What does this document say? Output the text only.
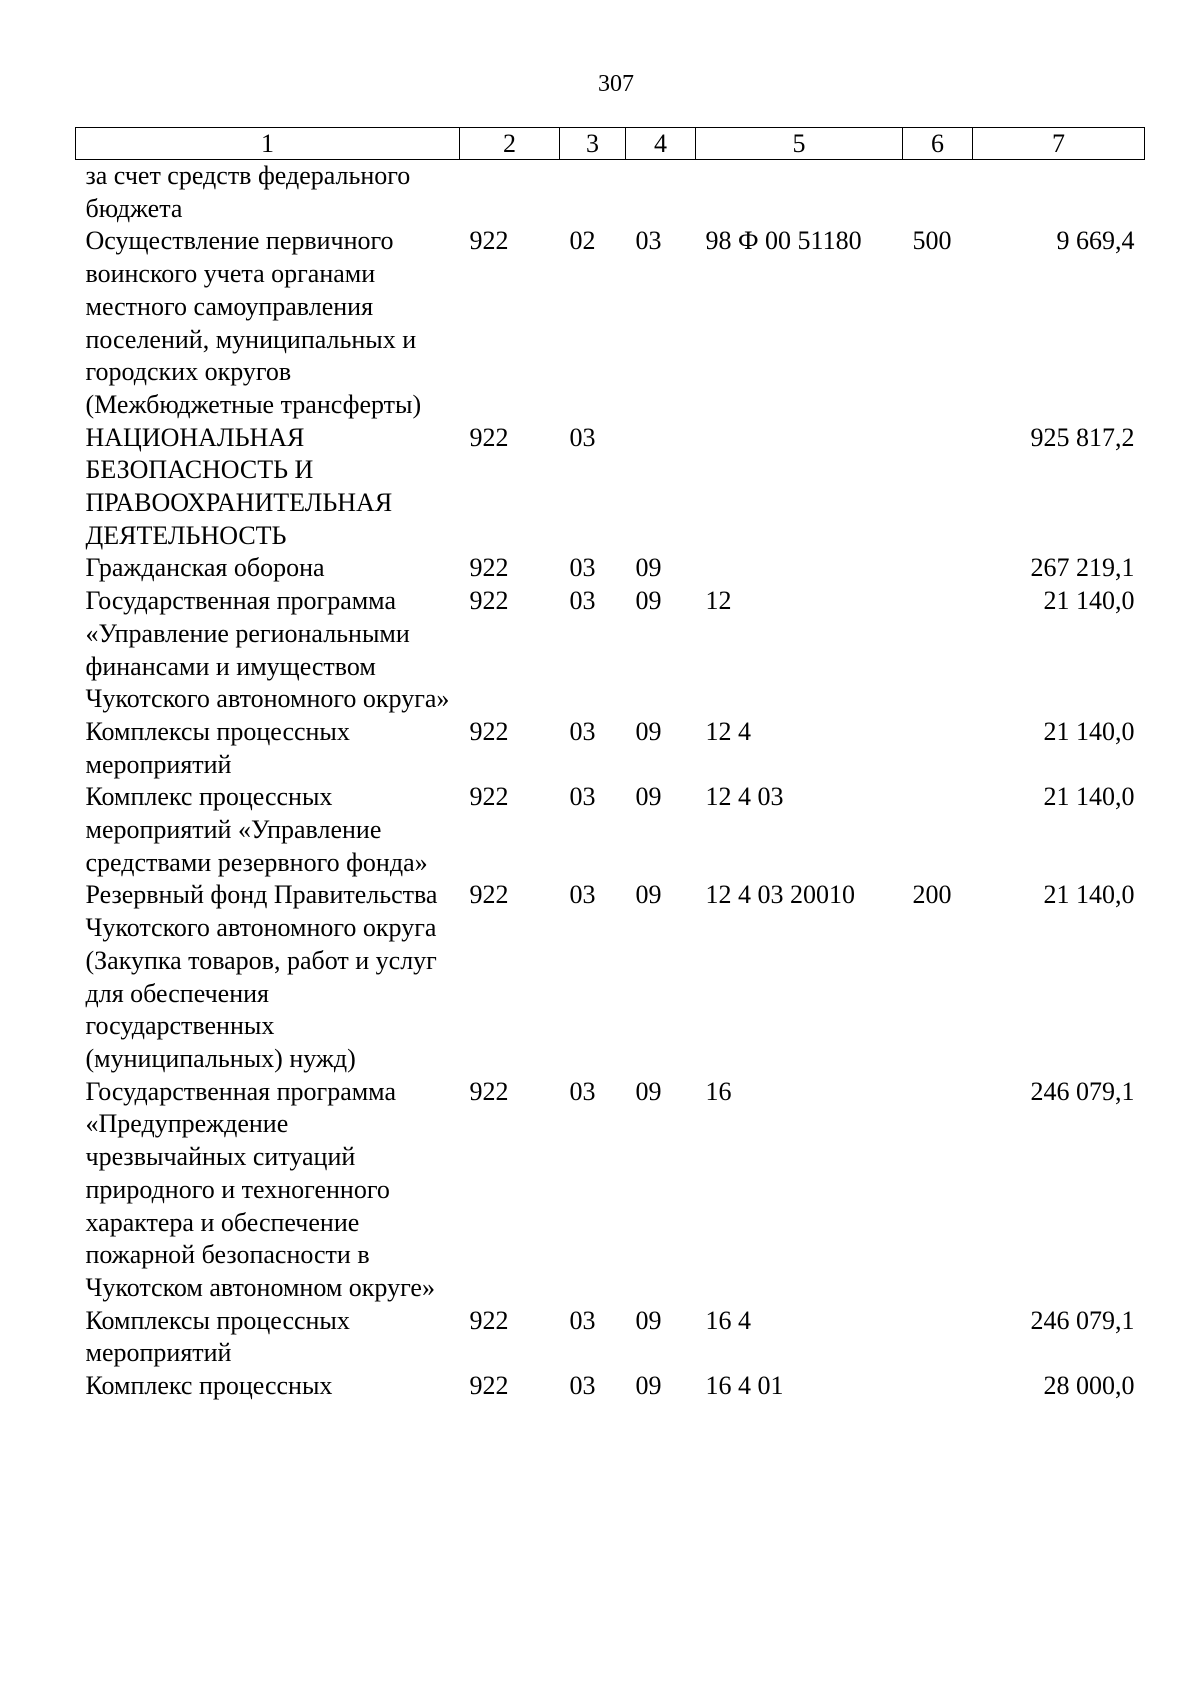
307
1	2	3	4	5	6	7
за счет средств федерального бюджета						
Осуществление первичного воинского учета органами местного самоуправления поселений, муниципальных и городских округов (Межбюджетные трансферты)	922	02	03	98 Ф 00 51180	500	9 669,4
НАЦИОНАЛЬНАЯ БЕЗОПАСНОСТЬ И ПРАВООХРАНИТЕЛЬНАЯ ДЕЯТЕЛЬНОСТЬ	922	03				925 817,2
Гражданская оборона	922	03	09			267 219,1
Государственная программа «Управление региональными финансами и имуществом Чукотского автономного округа»	922	03	09	12		21 140,0
Комплексы процессных мероприятий	922	03	09	12 4		21 140,0
Комплекс процессных мероприятий «Управление средствами резервного фонда»	922	03	09	12 4 03		21 140,0
Резервный фонд Правительства Чукотского автономного округа (Закупка товаров, работ и услуг для обеспечения государственных (муниципальных) нужд)	922	03	09	12 4 03 20010	200	21 140,0
Государственная программа «Предупреждение чрезвычайных ситуаций природного и техногенного характера и обеспечение пожарной безопасности в Чукотском автономном округе»	922	03	09	16		246 079,1
Комплексы процессных мероприятий	922	03	09	16 4		246 079,1
Комплекс процессных	922	03	09	16 4 01		28 000,0
